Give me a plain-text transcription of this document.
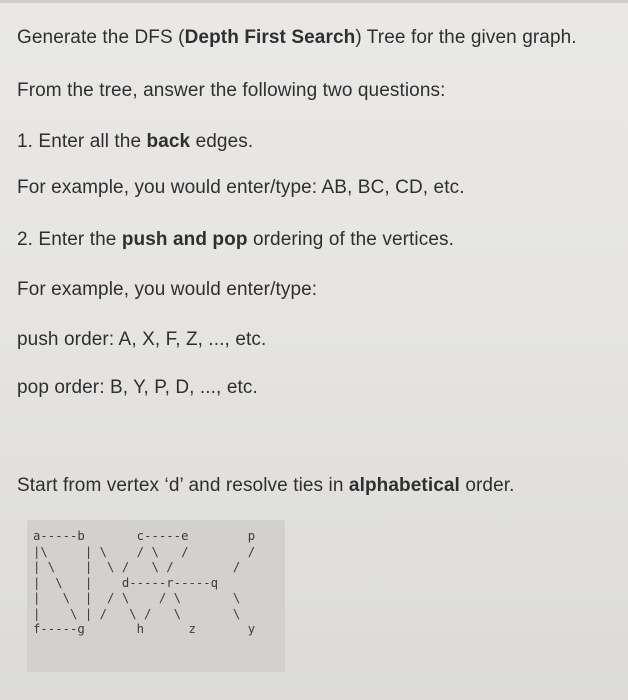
Generate the DFS (Depth First Search) Tree for the given graph.

From the tree, answer the following two questions:

1. Enter all the back edges.

For example, you would enter/type: AB, BC, CD, etc.

2. Enter the push and pop ordering of the vertices.

For example, you would enter/type:

push order: A, X, F, Z, ..., etc.

pop order: B, Y, P, D, ..., etc.

Start from vertex ‘d’ and resolve ties in alphabetical order.

a-----b       c-----e        p
|\     | \    / \   /        /
| \    |  \ /   \ /        /
|  \   |    d-----r-----q
|   \  |  / \    / \       \
|    \ | /   \ /   \       \
f-----g       h      z       y
